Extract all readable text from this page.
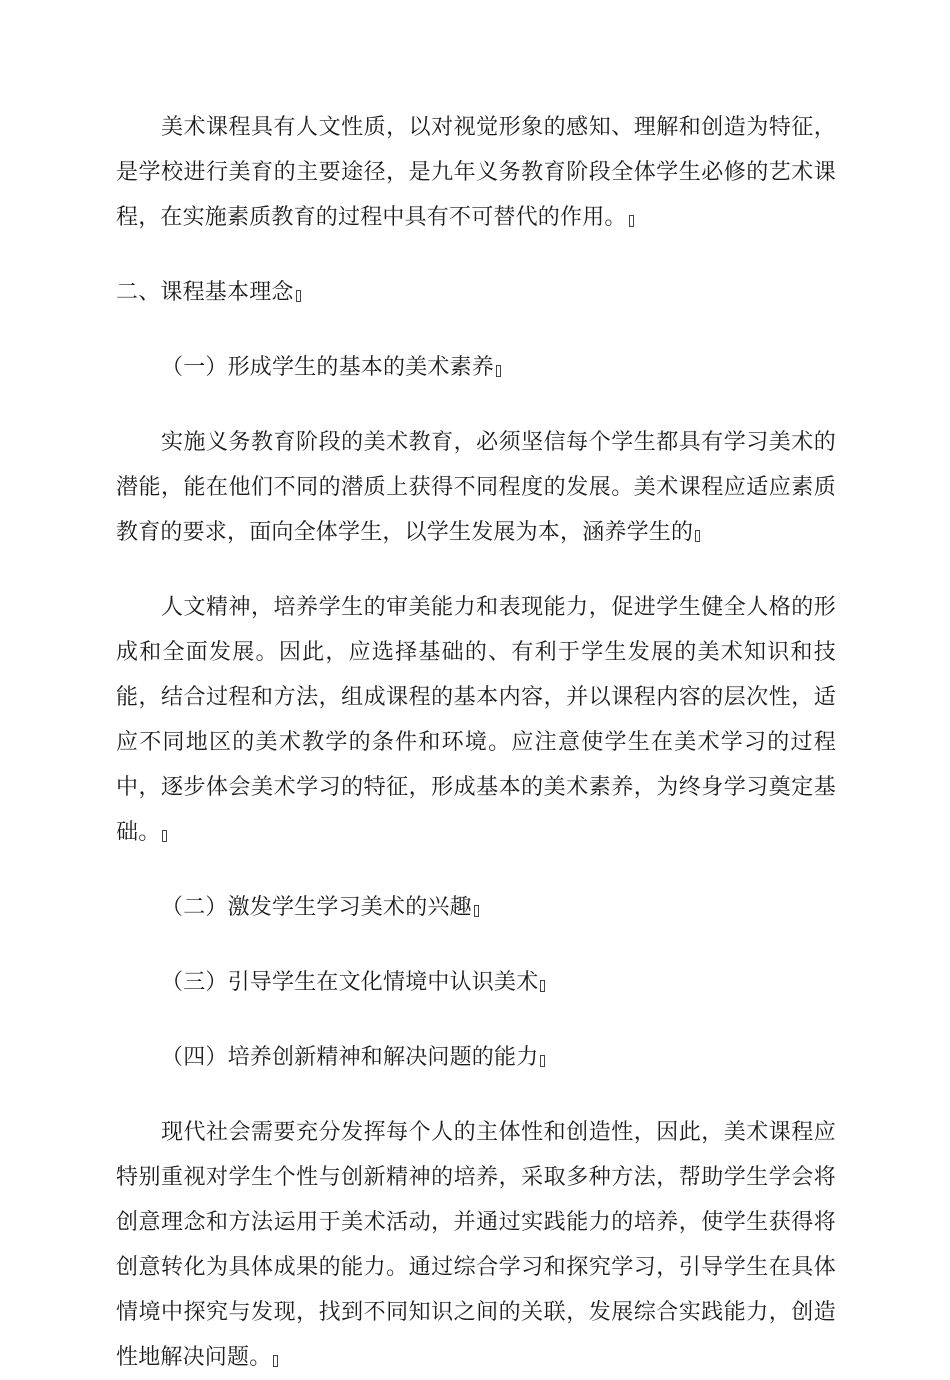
美术课程具有人文性质，以对视觉形象的感知、理解和创造为特征，是学校进行美育的主要途径，是九年义务教育阶段全体学生必修的艺术课程，在实施素质教育的过程中具有不可替代的作用。

二、课程基本理念

（一）形成学生的基本的美术素养

实施义务教育阶段的美术教育，必须坚信每个学生都具有学习美术的潜能，能在他们不同的潜质上获得不同程度的发展。美术课程应适应素质教育的要求，面向全体学生，以学生发展为本，涵养学生的

人文精神，培养学生的审美能力和表现能力，促进学生健全人格的形成和全面发展。因此，应选择基础的、有利于学生发展的美术知识和技能，结合过程和方法，组成课程的基本内容，并以课程内容的层次性，适应不同地区的美术教学的条件和环境。应注意使学生在美术学习的过程中，逐步体会美术学习的特征，形成基本的美术素养，为终身学习奠定基础。

（二）激发学生学习美术的兴趣

（三）引导学生在文化情境中认识美术

（四）培养创新精神和解决问题的能力

现代社会需要充分发挥每个人的主体性和创造性，因此，美术课程应特别重视对学生个性与创新精神的培养，采取多种方法，帮助学生学会将创意理念和方法运用于美术活动，并通过实践能力的培养，使学生获得将创意转化为具体成果的能力。通过综合学习和探究学习，引导学生在具体情境中探究与发现，找到不同知识之间的关联，发展综合实践能力，创造性地解决问题。
